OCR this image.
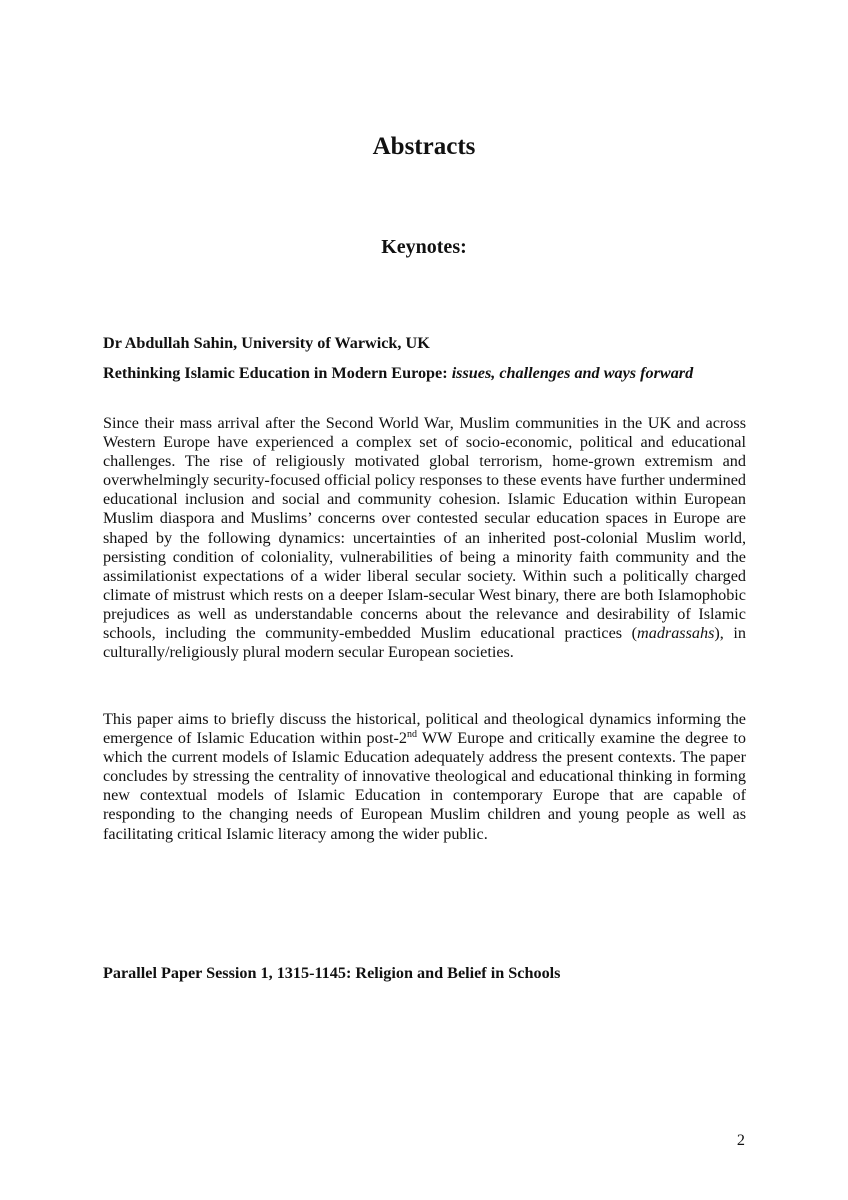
Abstracts
Keynotes:
Dr Abdullah Sahin, University of Warwick, UK
Rethinking Islamic Education in Modern Europe: issues, challenges and ways forward

Since their mass arrival after the Second World War, Muslim communities in the UK and across Western Europe have experienced a complex set of socio-economic, political and educational challenges. The rise of religiously motivated global terrorism, home-grown extremism and overwhelmingly security-focused official policy responses to these events have further undermined educational inclusion and social and community cohesion. Islamic Education within European Muslim diaspora and Muslims’ concerns over contested secular education spaces in Europe are shaped by the following dynamics: uncertainties of an inherited post-colonial Muslim world, persisting condition of coloniality, vulnerabilities of being a minority faith community and the assimilationist expectations of a wider liberal secular society. Within such a politically charged climate of mistrust which rests on a deeper Islam-secular West binary, there are both Islamophobic prejudices as well as understandable concerns about the relevance and desirability of Islamic schools, including the community-embedded Muslim educational practices (madrassahs), in culturally/religiously plural modern secular European societies.

This paper aims to briefly discuss the historical, political and theological dynamics informing the emergence of Islamic Education within post-2nd WW Europe and critically examine the degree to which the current models of Islamic Education adequately address the present contexts. The paper concludes by stressing the centrality of innovative theological and educational thinking in forming new contextual models of Islamic Education in contemporary Europe that are capable of responding to the changing needs of European Muslim children and young people as well as facilitating critical Islamic literacy among the wider public.

Parallel Paper Session 1, 1315-1145: Religion and Belief in Schools
2
